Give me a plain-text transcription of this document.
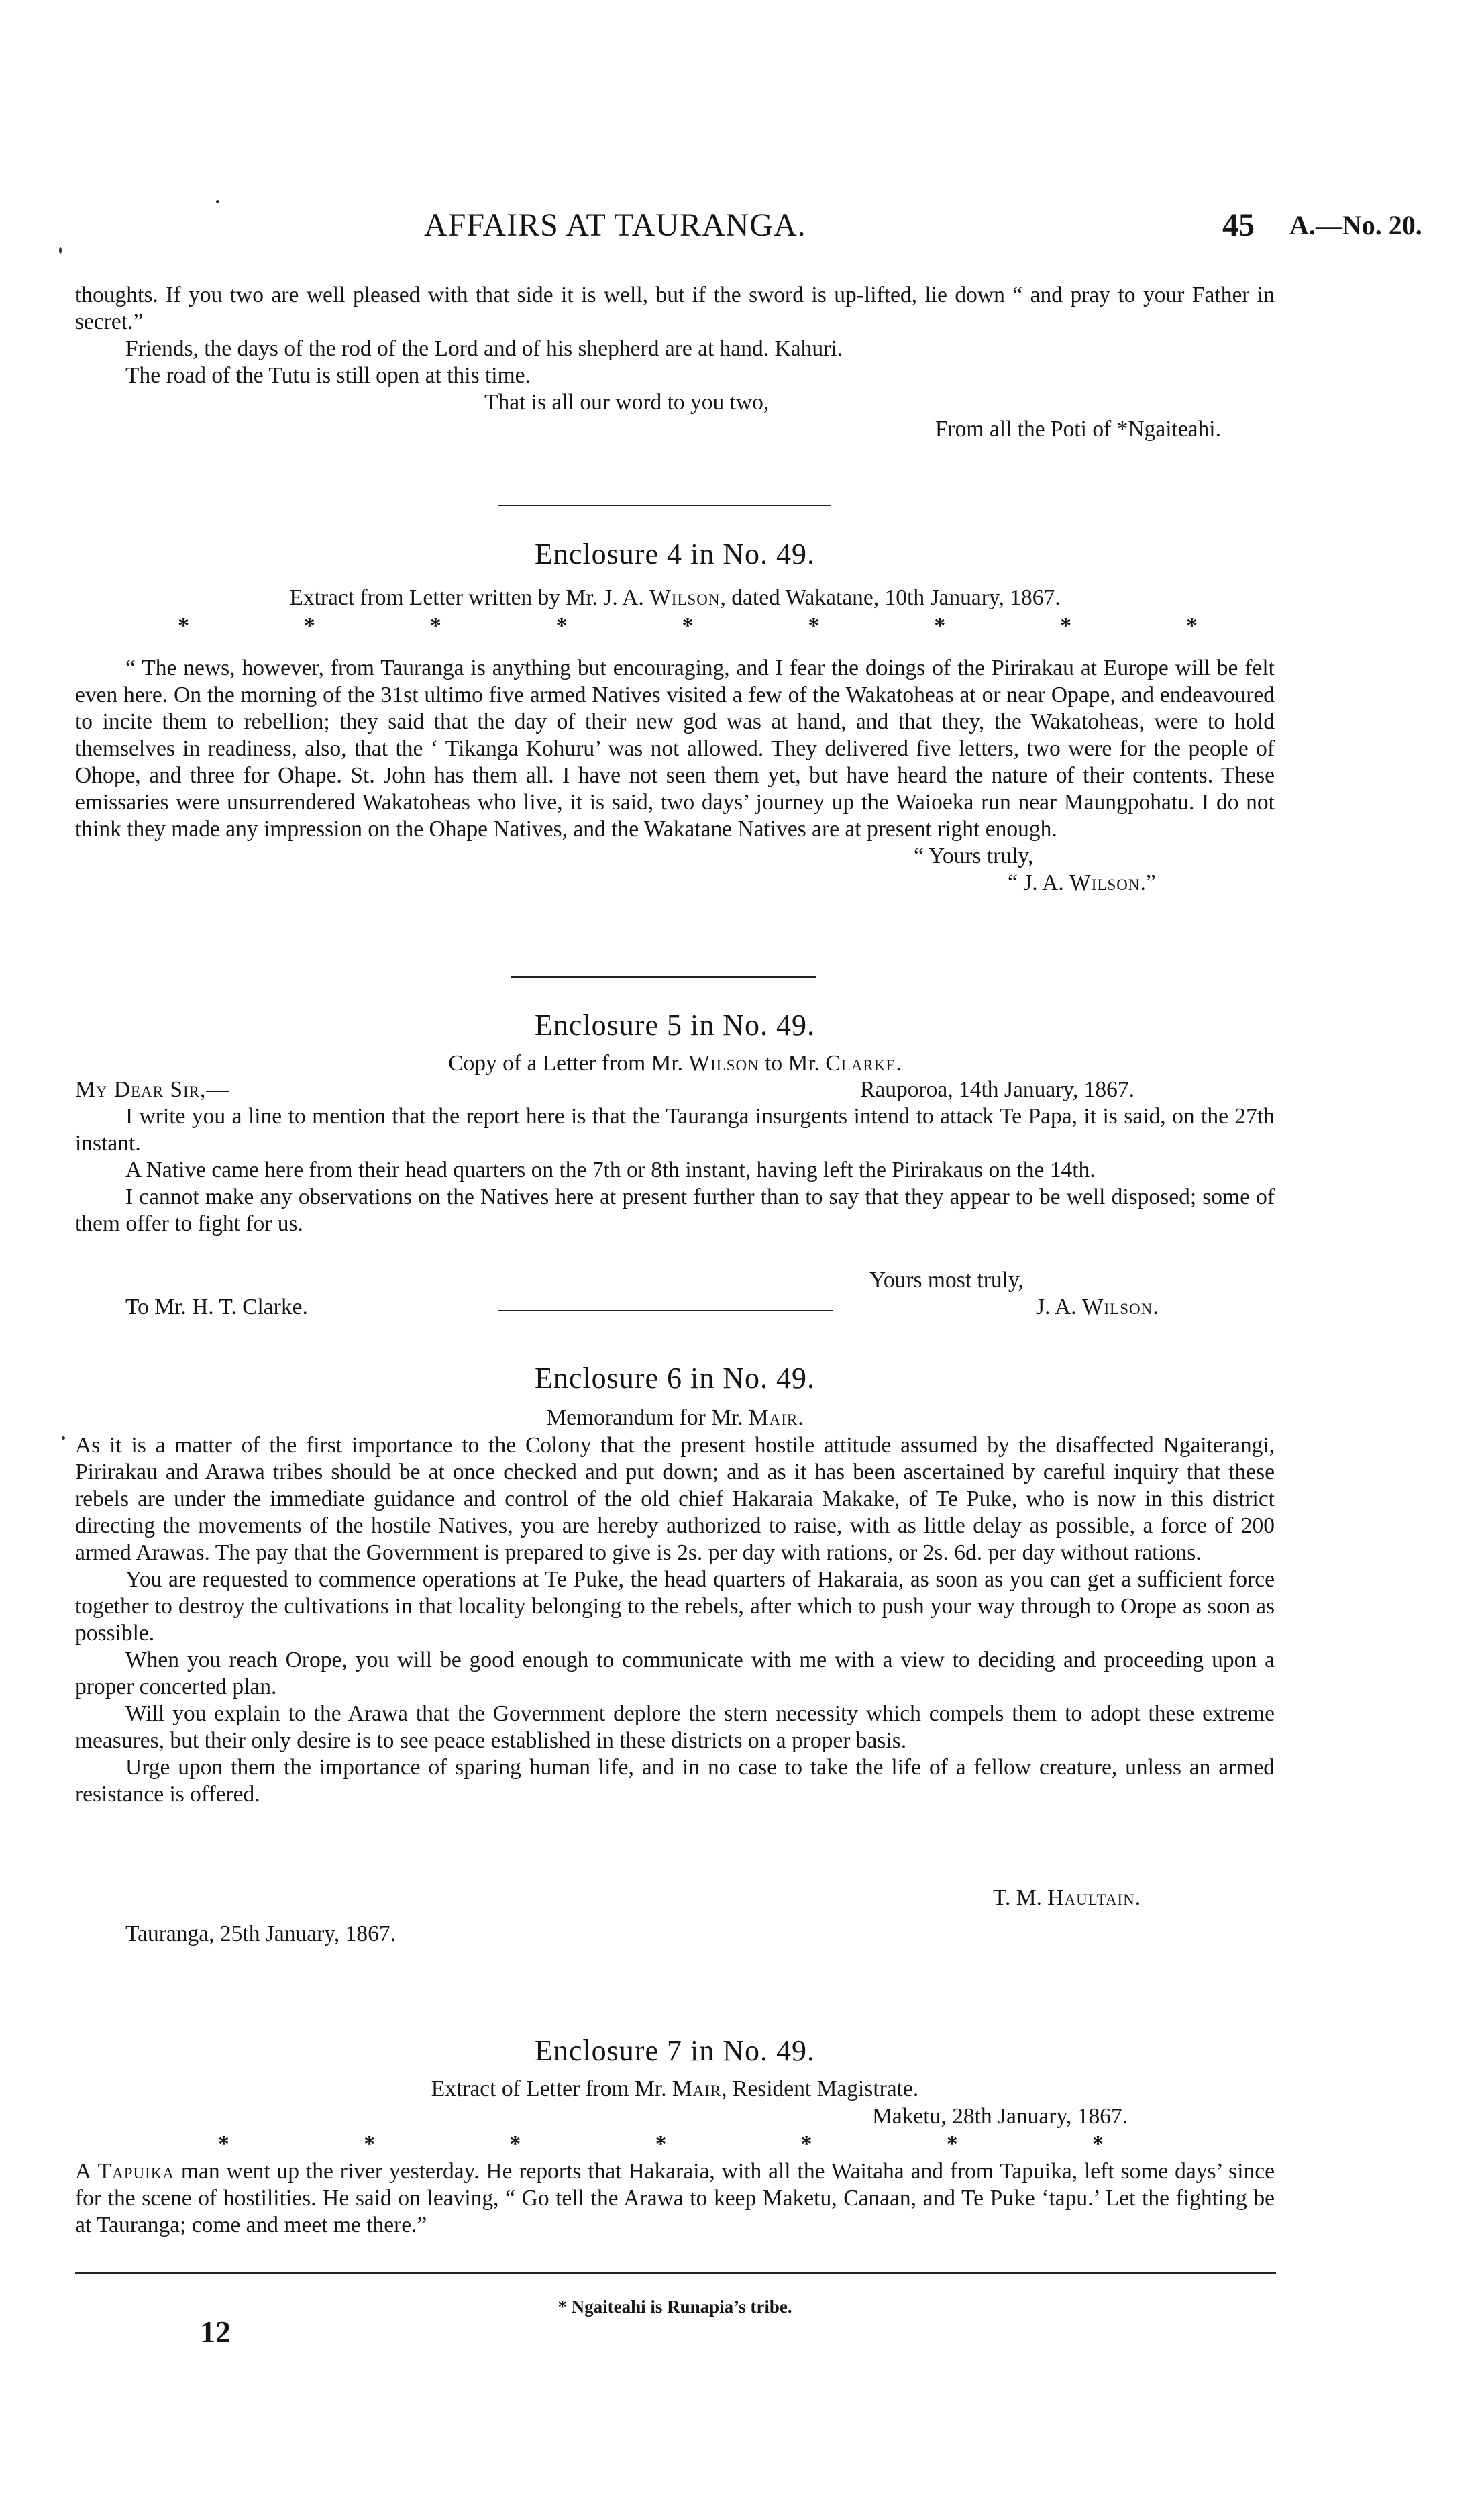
AFFAIRS AT TAURANGA.	45 A.—No. 20.

thoughts. If you two are well pleased with that side it is well, but if the sword is up-lifted, lie down “ and pray to your Father in secret.”

Friends, the days of the rod of the Lord and of his shepherd are at hand. Kahuri.

The road of the Tutu is still open at this time.

That is all our word to you two,

From all the Poti of *Ngaiteahi.

Enclosure 4 in No. 49.
Extract from Letter written by Mr. J. A. Wilson, dated Wakatane, 10th January, 1867.
*	*	*	*	*	*	*	*	*

“ The news, however, from Tauranga is anything but encouraging, and I fear the doings of the Pirirakau at Europe will be felt even here. On the morning of the 31st ultimo five armed Natives visited a few of the Wakatoheas at or near Opape, and endeavoured to incite them to rebellion; they said that the day of their new god was at hand, and that they, the Wakatoheas, were to hold themselves in readiness, also, that the ‘ Tikanga Kohuru’ was not allowed. They delivered five letters, two were for the people of Ohope, and three for Ohape. St. John has them all. I have not seen them yet, but have heard the nature of their contents. These emissaries were unsurrendered Wakatoheas who live, it is said, two days’ journey up the Waioeka run near Maungpohatu. I do not think they made any impression on the Ohape Natives, and the Wakatane Natives are at present right enough.

“ Yours truly,

“ J. A. Wilson.”

Enclosure 5 in No. 49.
Copy of a Letter from Mr. Wilson to Mr. Clarke.
My Dear Sir,—	Rauporoa, 14th January, 1867.

I write you a line to mention that the report here is that the Tauranga insurgents intend to attack Te Papa, it is said, on the 27th instant.

A Native came here from their head quarters on the 7th or 8th instant, having left the Pirirakaus on the 14th.

I cannot make any observations on the Natives here at present further than to say that they appear to be well disposed; some of them offer to fight for us.

Yours most truly,
To Mr. H. T. Clarke.	J. A. Wilson.
Enclosure 6 in No. 49.
Memorandum for Mr. Mair.

As it is a matter of the first importance to the Colony that the present hostile attitude assumed by the disaffected Ngaiterangi, Pirirakau and Arawa tribes should be at once checked and put down; and as it has been ascertained by careful inquiry that these rebels are under the immediate guidance and control of the old chief Hakaraia Makake, of Te Puke, who is now in this district directing the movements of the hostile Natives, you are hereby authorized to raise, with as little delay as possible, a force of 200 armed Arawas. The pay that the Government is prepared to give is 2s. per day with rations, or 2s. 6d. per day without rations.

You are requested to commence operations at Te Puke, the head quarters of Hakaraia, as soon as you can get a sufficient force together to destroy the cultivations in that locality belonging to the rebels, after which to push your way through to Orope as soon as possible.

When you reach Orope, you will be good enough to communicate with me with a view to deciding and proceeding upon a proper concerted plan.

Will you explain to the Arawa that the Government deplore the stern necessity which compels them to adopt these extreme measures, but their only desire is to see peace established in these districts on a proper basis.

Urge upon them the importance of sparing human life, and in no case to take the life of a fellow creature, unless an armed resistance is offered.

T. M. Haultain.
Tauranga, 25th January, 1867.
Enclosure 7 in No. 49.
Extract of Letter from Mr. Mair, Resident Magistrate.
Maketu, 28th January, 1867.
*	*	*	*	*	*	*

A Tapuika man went up the river yesterday. He reports that Hakaraia, with all the Waitaha and from Tapuika, left some days’ since for the scene of hostilities. He said on leaving, “ Go tell the Arawa to keep Maketu, Canaan, and Te Puke ‘tapu.’ Let the fighting be at Tauranga; come and meet me there.”

* Ngaiteahi is Runapia’s tribe.
12
